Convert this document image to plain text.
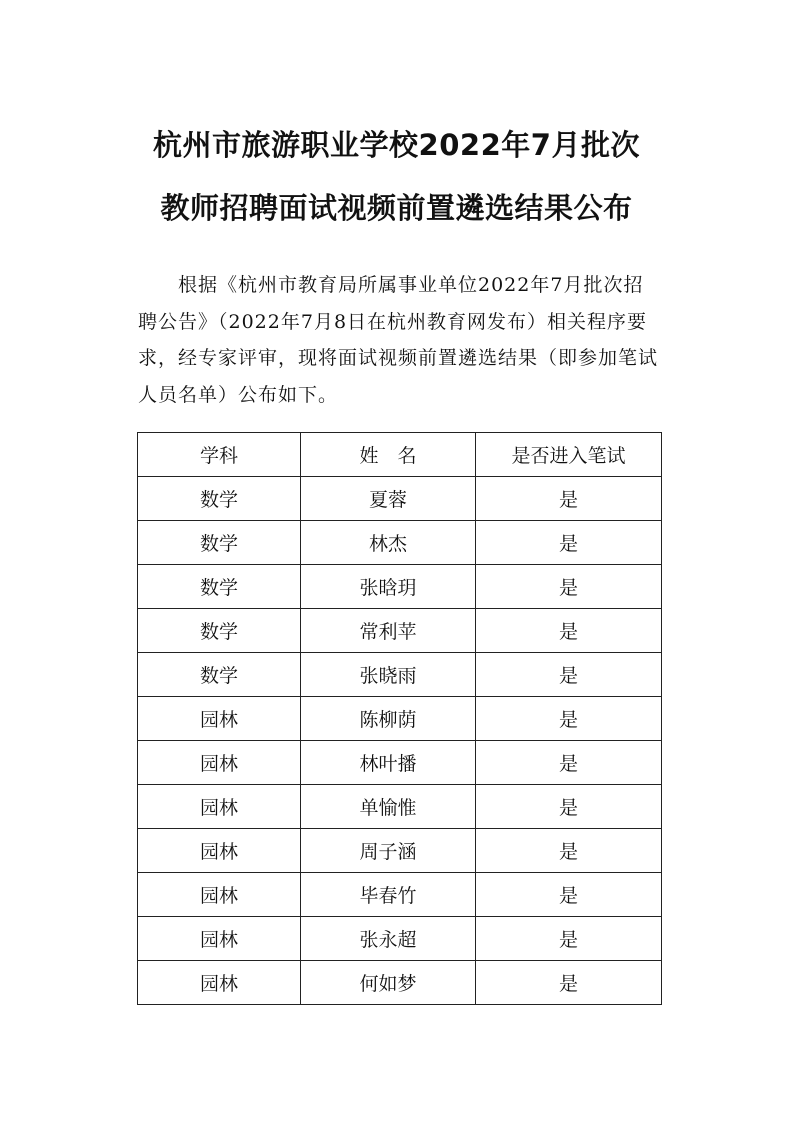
杭州市旅游职业学校2022年7月批次
教师招聘面试视频前置遴选结果公布
　　根据《杭州市教育局所属事业单位2022年7月批次招
聘公告》（2022年7月8日在杭州教育网发布）相关程序要
求，经专家评审，现将面试视频前置遴选结果（即参加笔试
人员名单）公布如下。
学科	姓　名	是否进入笔试
数学	夏蓉	是
数学	林杰	是
数学	张晗玥	是
数学	常利苹	是
数学	张晓雨	是
园林	陈柳荫	是
园林	林叶播	是
园林	单愉惟	是
园林	周子涵	是
园林	毕春竹	是
园林	张永超	是
园林	何如梦	是
